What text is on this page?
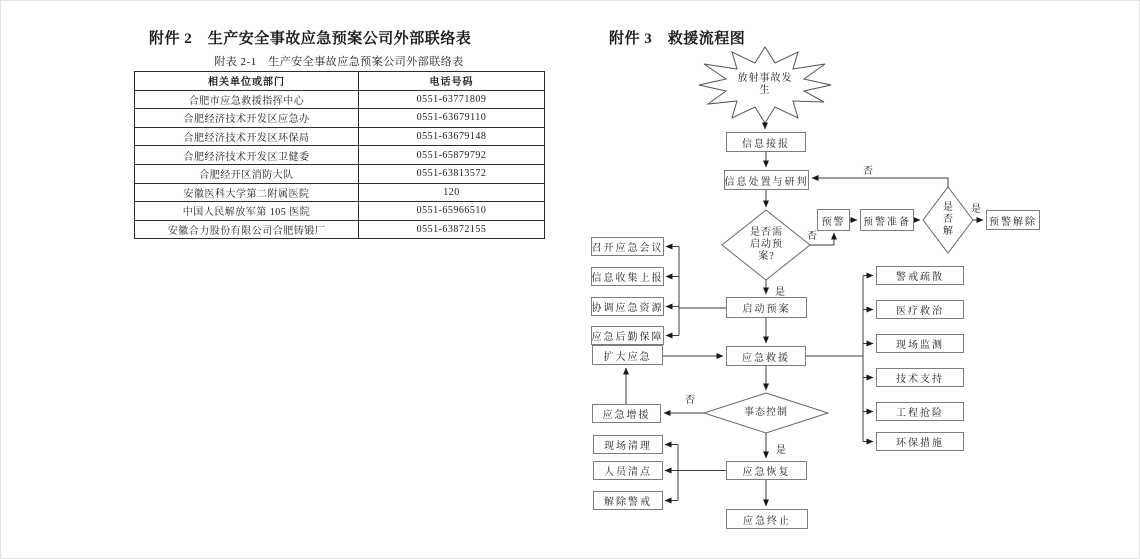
附件 2　生产安全事故应急预案公司外部联络表
附表 2-1　生产安全事故应急预案公司外部联络表
相关单位或部门	电话号码
合肥市应急救援指挥中心	0551-63771809
合肥经济技术开发区应急办	0551-63679110
合肥经济技术开发区环保局	0551-63679148
合肥经济技术开发区卫健委	0551-65879792
合肥经开区消防大队	0551-63813572
安徽医科大学第二附属医院	120
中国人民解放军第 105 医院	0551-65966510
安徽合力股份有限公司合肥铸锻厂	0551-63872155
附件 3　救援流程图
信息接报
信息处置与研判
预警	预警准备	预警解除
启动预案
召开应急会议
信息收集上报
协调应急资源
应急后勤保障
扩大应急	应急救援
警戒疏散
医疗救治
现场监测
技术支持
工程抢险
环保措施
应急增援
应急恢复
现场清理
人员清点
解除警戒
应急终止
放射事故发生
是否需启动预案?
是否解
事态控制
否
是
否
是
否
是
